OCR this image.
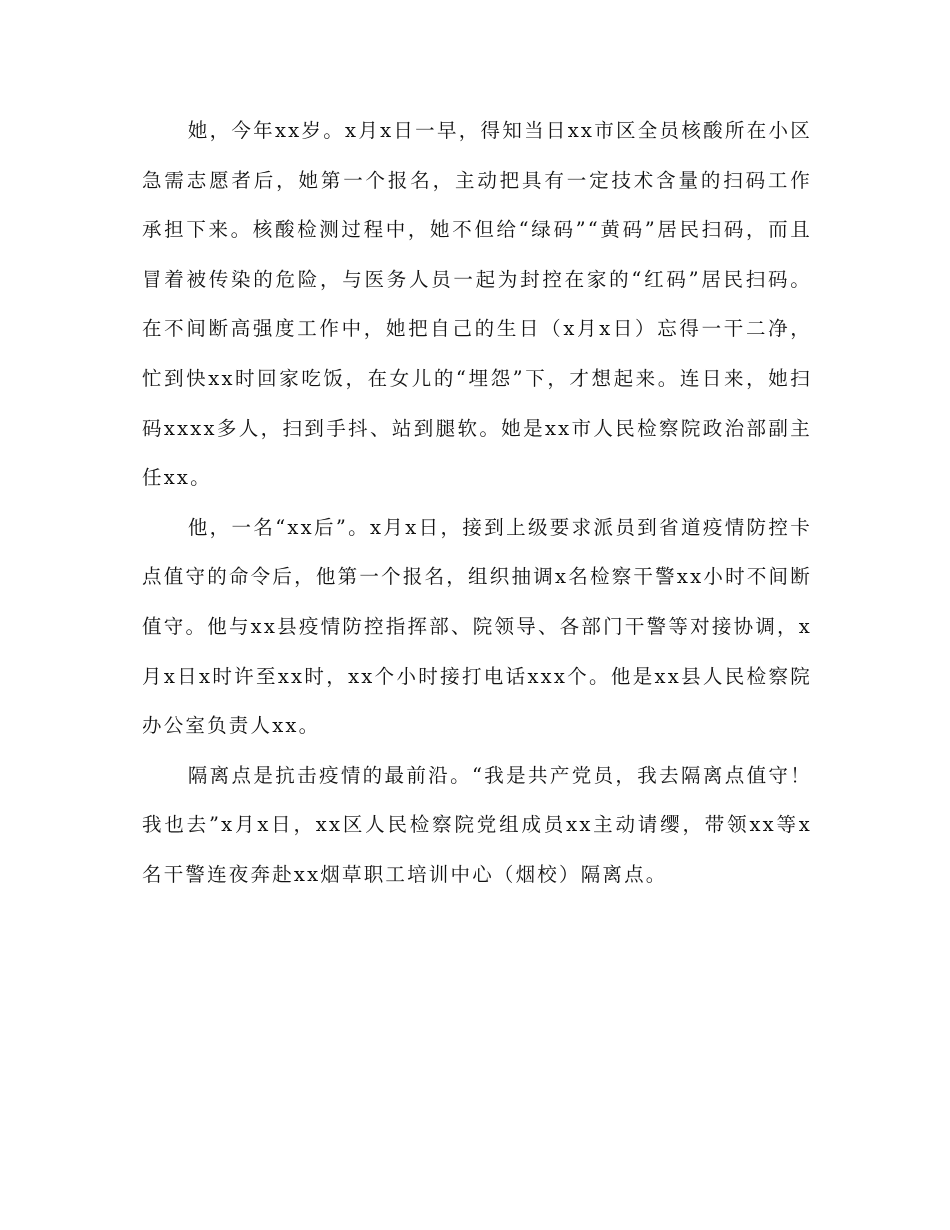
她，今年xx岁。x月x日一早，得知当日xx市区全员核酸所在小区急需志愿者后，她第一个报名，主动把具有一定技术含量的扫码工作承担下来。核酸检测过程中，她不但给“绿码”“黄码”居民扫码，而且冒着被传染的危险，与医务人员一起为封控在家的“红码”居民扫码。在不间断高强度工作中，她把自己的生日（x月x日）忘得一干二净，忙到快xx时回家吃饭，在女儿的“埋怨”下，才想起来。连日来，她扫码xxxx多人，扫到手抖、站到腿软。她是xx市人民检察院政治部副主任xx。

他，一名“xx后”。x月x日，接到上级要求派员到省道疫情防控卡点值守的命令后，他第一个报名，组织抽调x名检察干警xx小时不间断值守。他与xx县疫情防控指挥部、院领导、各部门干警等对接协调，x月x日x时许至xx时，xx个小时接打电话xxx个。他是xx县人民检察院办公室负责人xx。

隔离点是抗击疫情的最前沿。“我是共产党员，我去隔离点值守！我也去”x月x日，xx区人民检察院党组成员xx主动请缨，带领xx等x名干警连夜奔赴xx烟草职工培训中心（烟校）隔离点。
